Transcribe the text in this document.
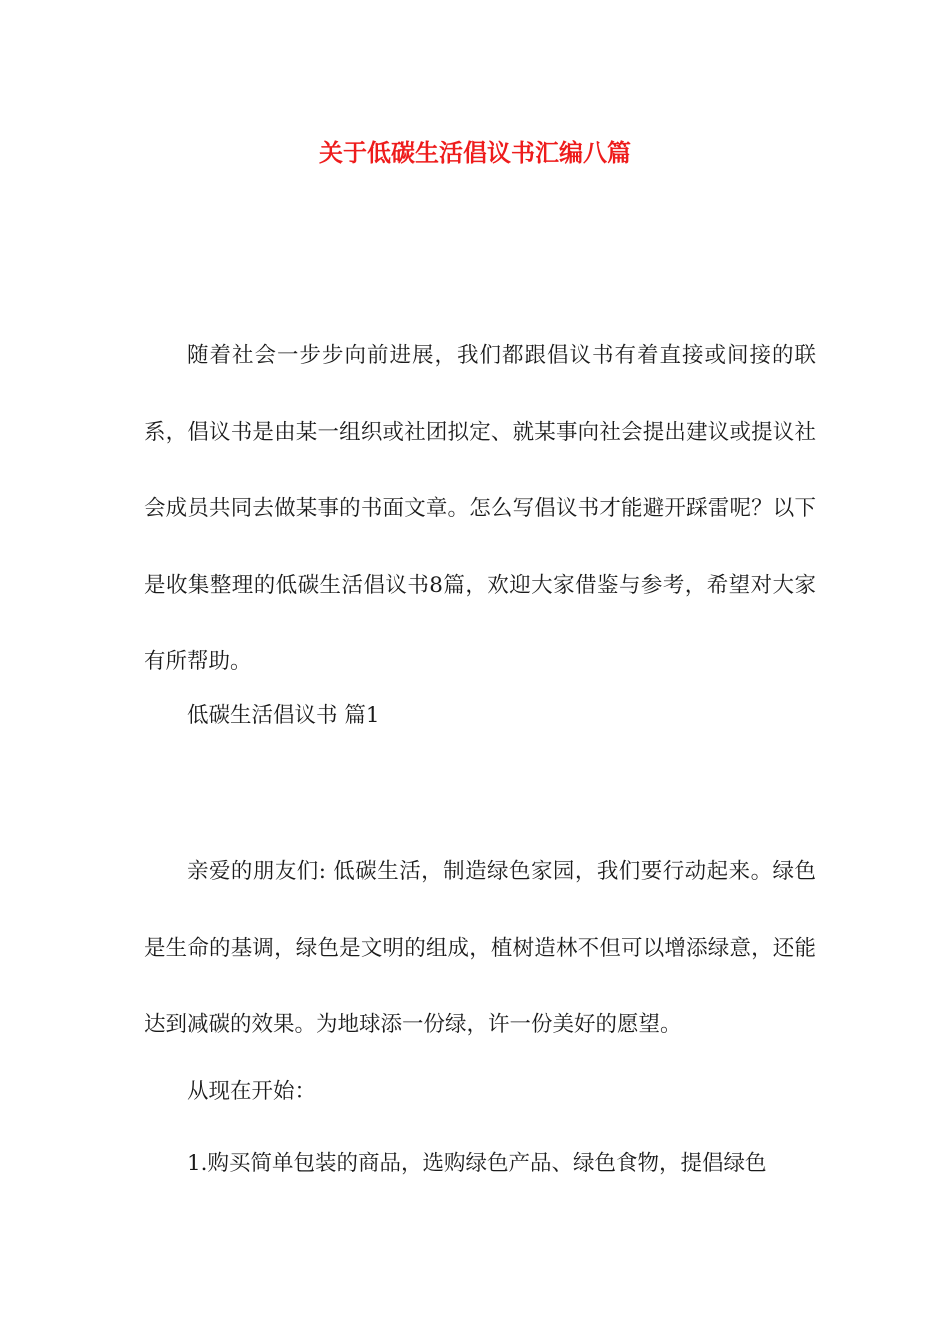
关于低碳生活倡议书汇编八篇

随着社会一步步向前进展，我们都跟倡议书有着直接或间接的联系，倡议书是由某一组织或社团拟定、就某事向社会提出建议或提议社会成员共同去做某事的书面文章。怎么写倡议书才能避开踩雷呢？以下是收集整理的低碳生活倡议书8篇，欢迎大家借鉴与参考，希望对大家有所帮助。

低碳生活倡议书 篇1

亲爱的朋友们: 低碳生活，制造绿色家园，我们要行动起来。绿色是生命的基调，绿色是文明的组成，植树造林不但可以增添绿意，还能达到减碳的效果。为地球添一份绿，许一份美好的愿望。

从现在开始：

1.购买简单包装的商品，选购绿色产品、绿色食物，提倡绿色
